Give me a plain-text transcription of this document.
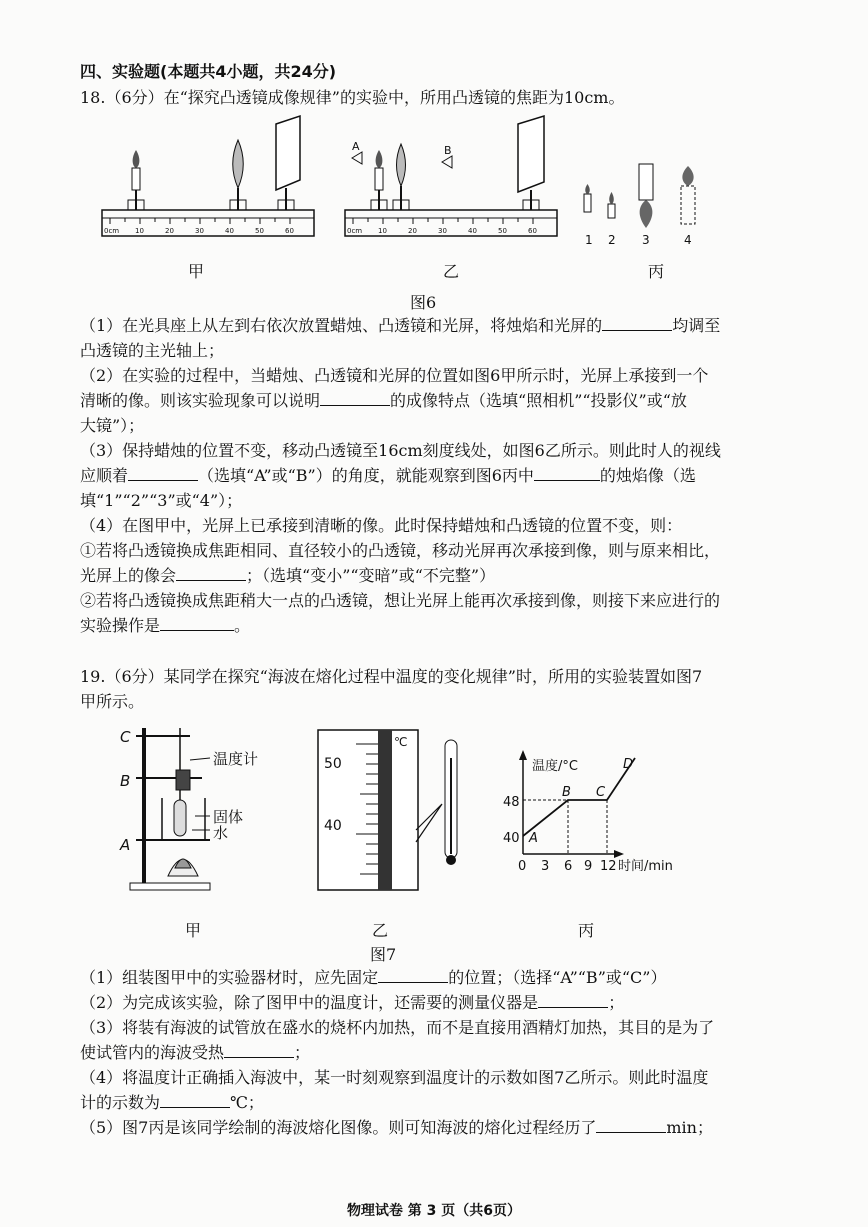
四、实验题(本题共4小题，共24分)
18.（6分）在“探究凸透镜成像规律”的实验中，所用凸透镜的焦距为10cm。
0cm 10	20	30	40	50	60
甲
0cm 10	20	30	40	50	60
A	B
乙
1 2 3	4
丙
图6
（1）在光具座上从左到右依次放置蜡烛、凸透镜和光屏，将烛焰和光屏的	均调至
凸透镜的主光轴上；
（2）在实验的过程中，当蜡烛、凸透镜和光屏的位置如图6甲所示时，光屏上承接到一个
清晰的像。则该实验现象可以说明	的成像特点（选填“照相机”“投影仪”或“放
大镜”）；
（3）保持蜡烛的位置不变，移动凸透镜至16cm刻度线处，如图6乙所示。则此时人的视线
应顺着	（选填“A”或“B”）的角度，就能观察到图6丙中	的烛焰像（选
填“1”“2”“3”或“4”）；
（4）在图甲中，光屏上已承接到清晰的像。此时保持蜡烛和凸透镜的位置不变，则：
①若将凸透镜换成焦距相同、直径较小的凸透镜，移动光屏再次承接到像，则与原来相比，
光屏上的像会	；（选填“变小”“变暗”或“不完整”）
②若将凸透镜换成焦距稍大一点的凸透镜，想让光屏上能再次承接到像，则接下来应进行的
实验操作是	。
19.（6分）某同学在探究“海波在熔化过程中温度的变化规律”时，所用的实验装置如图7
甲所示。
C
B
A
温度计
固体
水
甲
50
40
℃
乙
温度/°C
48
40
0 3 6 9 12 时间/min
A
B C
D
丙
图7
（1）组装图甲中的实验器材时，应先固定	的位置；（选择“A”“B”或“C”）
（2）为完成该实验，除了图甲中的温度计，还需要的测量仪器是	；
（3）将装有海波的试管放在盛水的烧杯内加热，而不是直接用酒精灯加热，其目的是为了
使试管内的海波受热	；
（4）将温度计正确插入海波中，某一时刻观察到温度计的示数如图7乙所示。则此时温度
计的示数为	℃；
（5）图7丙是该同学绘制的海波熔化图像。则可知海波的熔化过程经历了	min；
物理试卷 第 3 页（共6页）
